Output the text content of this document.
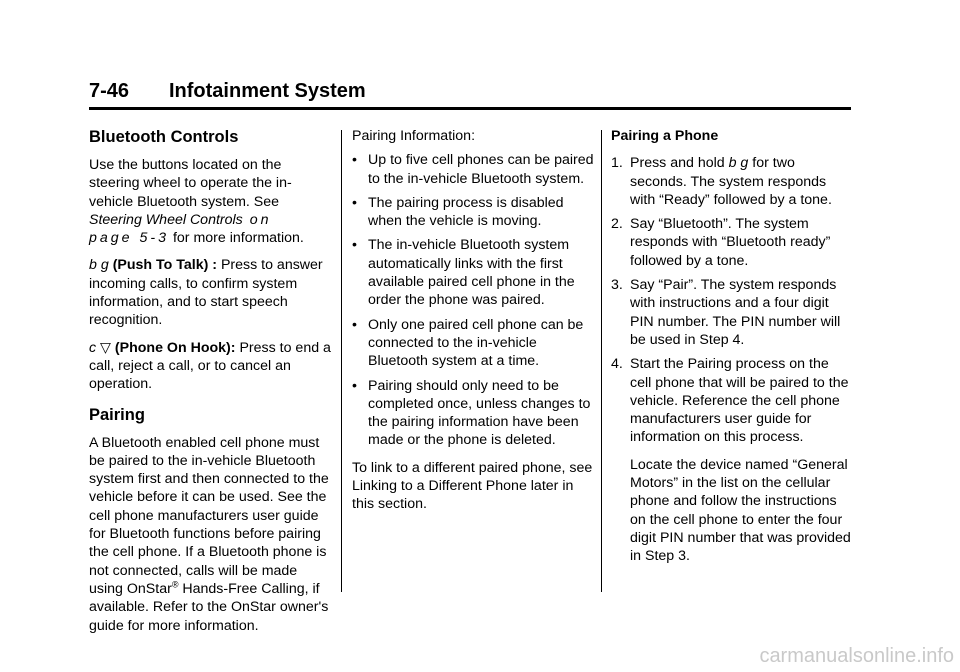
7-46 Infotainment System
Bluetooth Controls

Use the buttons located on the steering wheel to operate the in-vehicle Bluetooth system. See Steering Wheel Controls on
page 5-3 for more information.

b g (Push To Talk) : Press to answer incoming calls, to confirm system information, and to start speech recognition.

c ▽ (Phone On Hook): Press to end a call, reject a call, or to cancel an operation.

Pairing

A Bluetooth enabled cell phone must be paired to the in-vehicle Bluetooth system first and then connected to the vehicle before it can be used. See the cell phone manufacturers user guide for Bluetooth functions before pairing the cell phone. If a Bluetooth phone is not connected, calls will be made using OnStar® Hands-Free Calling, if available. Refer to the OnStar owner's guide for more information.

Pairing Information:

• Up to five cell phones can be paired to the in-vehicle Bluetooth system.
• The pairing process is disabled when the vehicle is moving.
• The in-vehicle Bluetooth system automatically links with the first available paired cell phone in the order the phone was paired.
• Only one paired cell phone can be connected to the in-vehicle Bluetooth system at a time.
• Pairing should only need to be completed once, unless changes to the pairing information have been made or the phone is deleted.

To link to a different paired phone, see Linking to a Different Phone later in this section.

Pairing a Phone

1. Press and hold b g for two seconds. The system responds with “Ready” followed by a tone.

2. Say “Bluetooth”. The system responds with “Bluetooth ready” followed by a tone.

3. Say “Pair”. The system responds with instructions and a four digit PIN number. The PIN number will be used in Step 4.

4. Start the Pairing process on the cell phone that will be paired to the vehicle. Reference the cell phone manufacturers user guide for information on this process.

Locate the device named “General Motors” in the list on the cellular phone and follow the instructions on the cell phone to enter the four digit PIN number that was provided in Step 3.

carmanualsonline.info
